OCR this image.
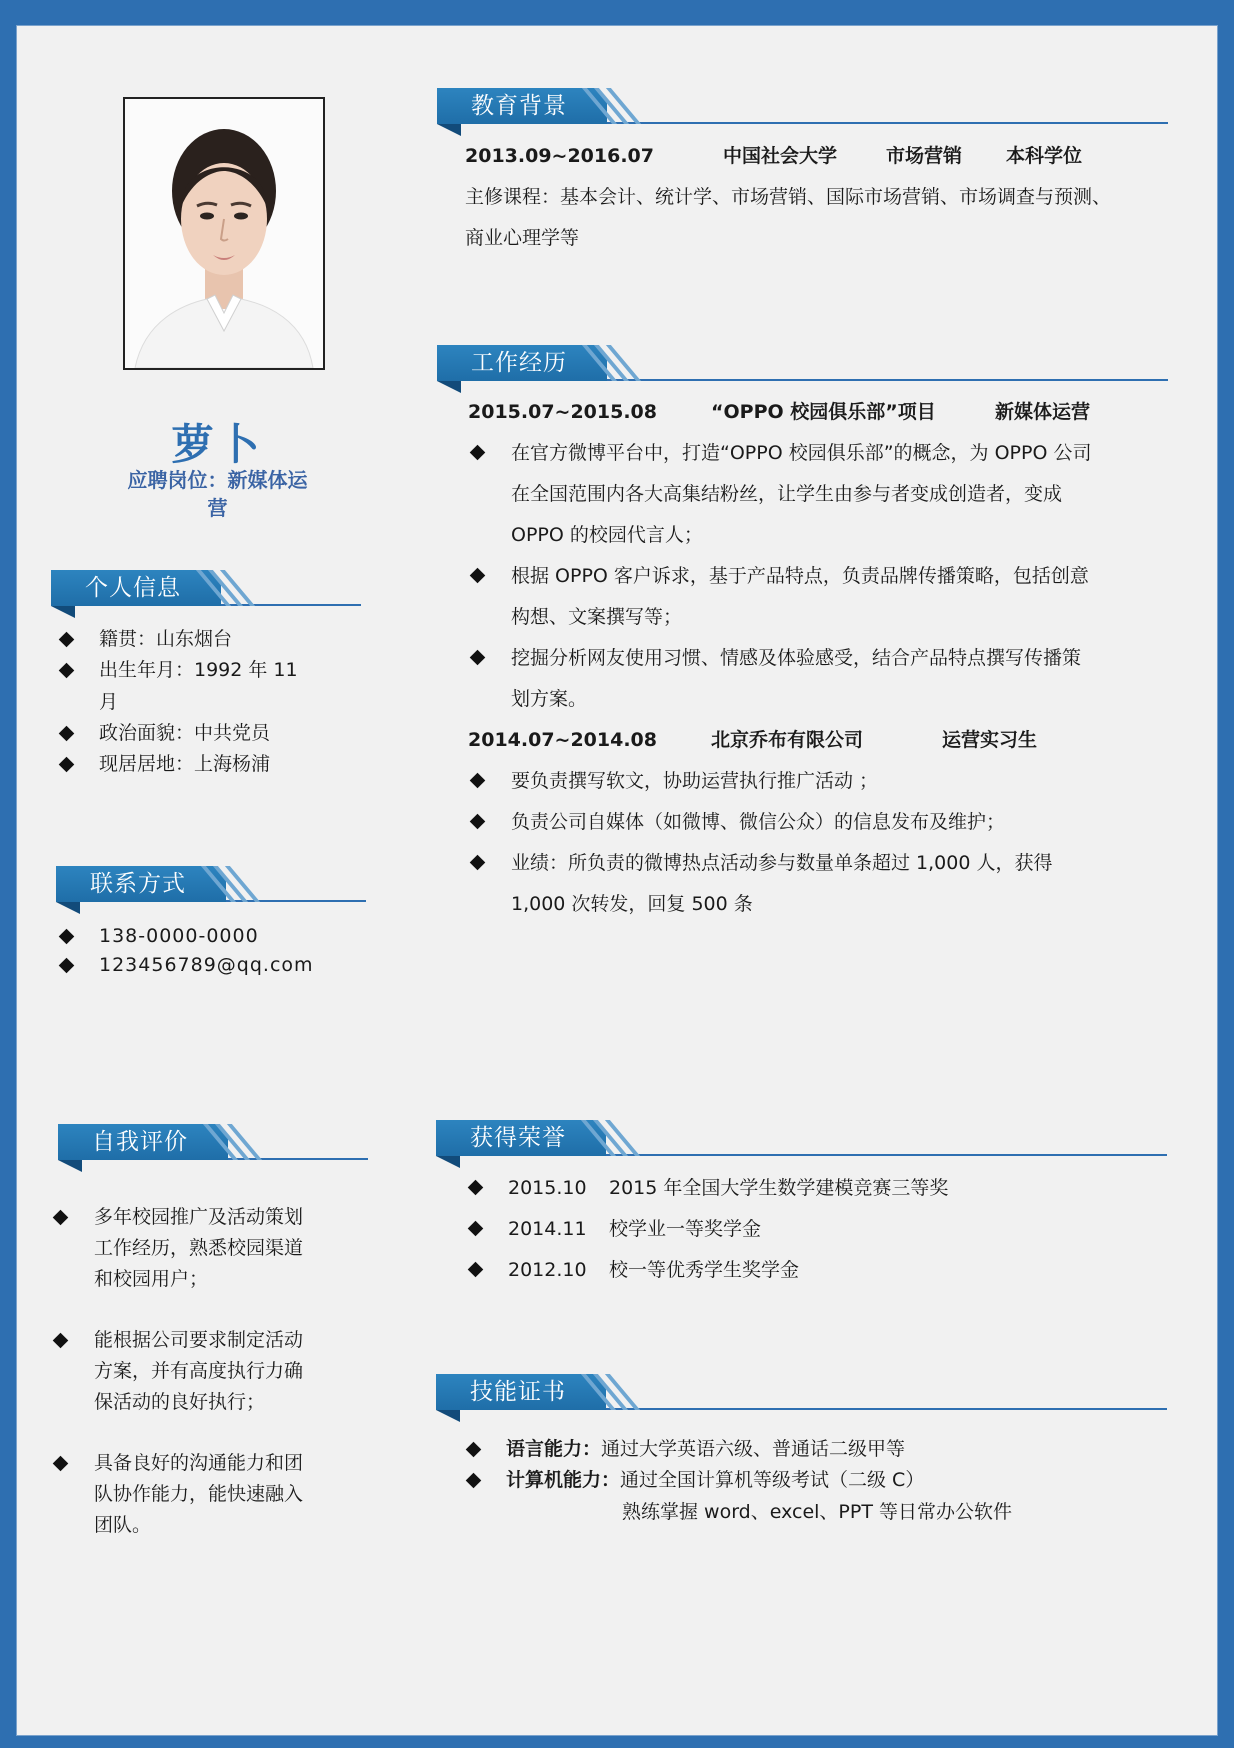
萝卜
应聘岗位：新媒体运
营
个人信息
籍贯：山东烟台
出生年月：1992 年 11
月
政治面貌：中共党员
现居居地：上海杨浦
联系方式
138-0000-0000
123456789@qq.com
自我评价
多年校园推广及活动策划
工作经历，熟悉校园渠道
和校园用户；
能根据公司要求制定活动
方案，并有高度执行力确
保活动的良好执行；
具备良好的沟通能力和团
队协作能力，能快速融入
团队。
教育背景
2013.09~2016.07	中国社会大学	市场营销 本科学位
主修课程：基本会计、统计学、市场营销、国际市场营销、市场调查与预测、
商业心理学等
工作经历
2015.07~2015.08	“OPPO 校园俱乐部”项目	新媒体运营
在官方微博平台中，打造“OPPO 校园俱乐部”的概念，为 OPPO 公司
在全国范围内各大高集结粉丝，让学生由参与者变成创造者，变成
OPPO 的校园代言人；
根据 OPPO 客户诉求，基于产品特点，负责品牌传播策略，包括创意
构想、文案撰写等；
挖掘分析网友使用习惯、情感及体验感受，结合产品特点撰写传播策
划方案。
2014.07~2014.08	北京乔布有限公司	运营实习生
要负责撰写软文，协助运营执行推广活动 ；
负责公司自媒体（如微博、微信公众）的信息发布及维护；
业绩：所负责的微博热点活动参与数量单条超过 1,000 人，获得
1,000 次转发，回复 500 条
获得荣誉
2015.10 2015 年全国大学生数学建模竞赛三等奖
2014.11 校学业一等奖学金
2012.10 校一等优秀学生奖学金
技能证书
语言能力：通过大学英语六级、普通话二级甲等
计算机能力：通过全国计算机等级考试（二级 C）
熟练掌握 word、excel、PPT 等日常办公软件
